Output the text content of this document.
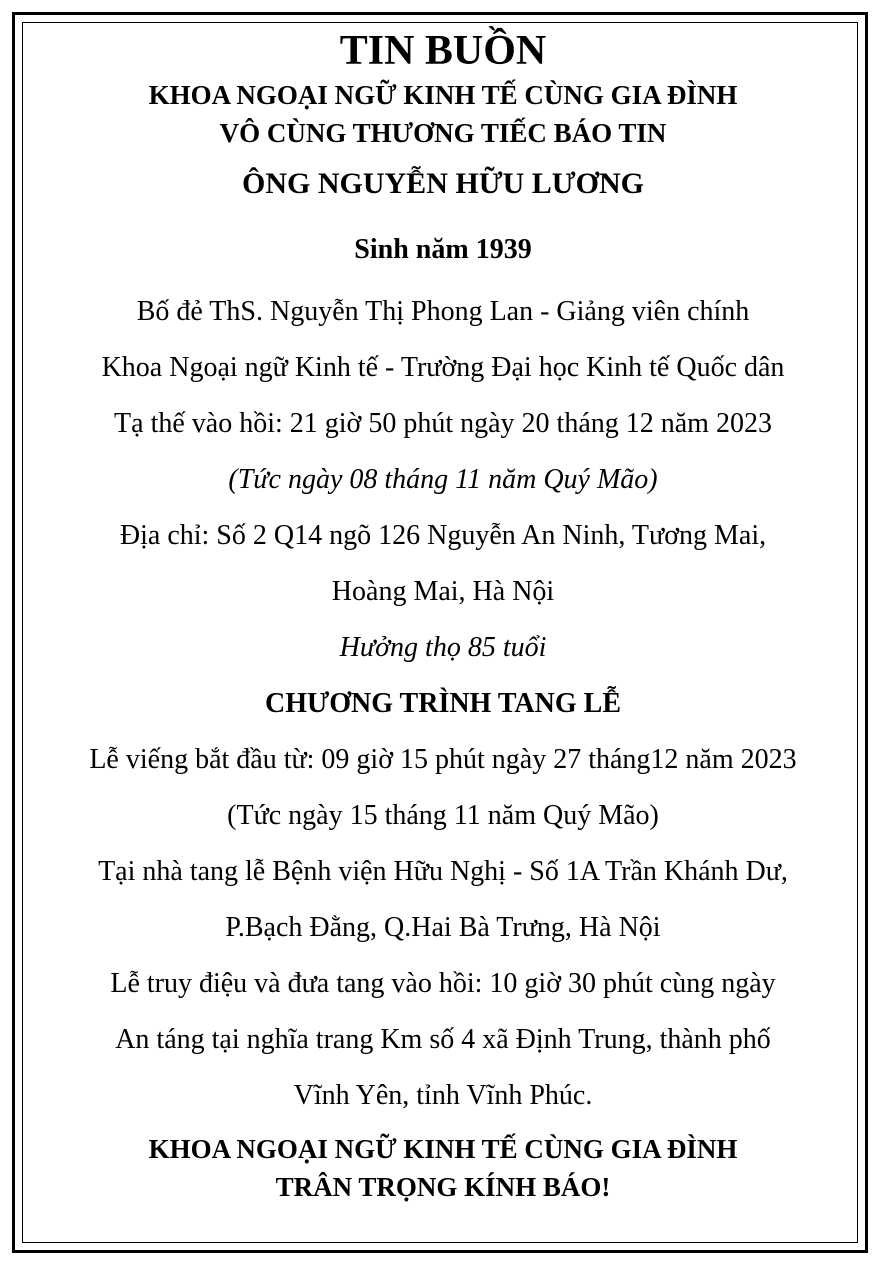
TIN BUỒN
KHOA NGOẠI NGỮ KINH TẾ CÙNG GIA ĐÌNH
VÔ CÙNG THƯƠNG TIẾC BÁO TIN
ÔNG NGUYỄN HỮU LƯƠNG
Sinh năm 1939
Bố đẻ ThS. Nguyễn Thị Phong Lan - Giảng viên chính
Khoa Ngoại ngữ Kinh tế - Trường Đại học Kinh tế Quốc dân
Tạ thế vào hồi: 21 giờ 50 phút ngày 20 tháng 12 năm 2023
(Tức ngày 08 tháng 11 năm Quý Mão)
Địa chỉ: Số 2 Q14 ngõ 126 Nguyễn An Ninh, Tương Mai,
Hoàng Mai, Hà Nội
Hưởng thọ 85 tuổi
CHƯƠNG TRÌNH TANG LỄ
Lễ viếng bắt đầu từ: 09 giờ 15 phút ngày 27 tháng12 năm 2023
(Tức ngày 15 tháng 11 năm Quý Mão)
Tại nhà tang lễ Bệnh viện Hữu Nghị - Số 1A Trần Khánh Dư,
P.Bạch Đằng, Q.Hai Bà Trưng, Hà Nội
Lễ truy điệu và đưa tang vào hồi: 10 giờ 30 phút cùng ngày
An táng tại nghĩa trang Km số 4 xã Định Trung, thành phố
Vĩnh Yên, tỉnh Vĩnh Phúc.
KHOA NGOẠI NGỮ KINH TẾ CÙNG GIA ĐÌNH
TRÂN TRỌNG KÍNH BÁO!
